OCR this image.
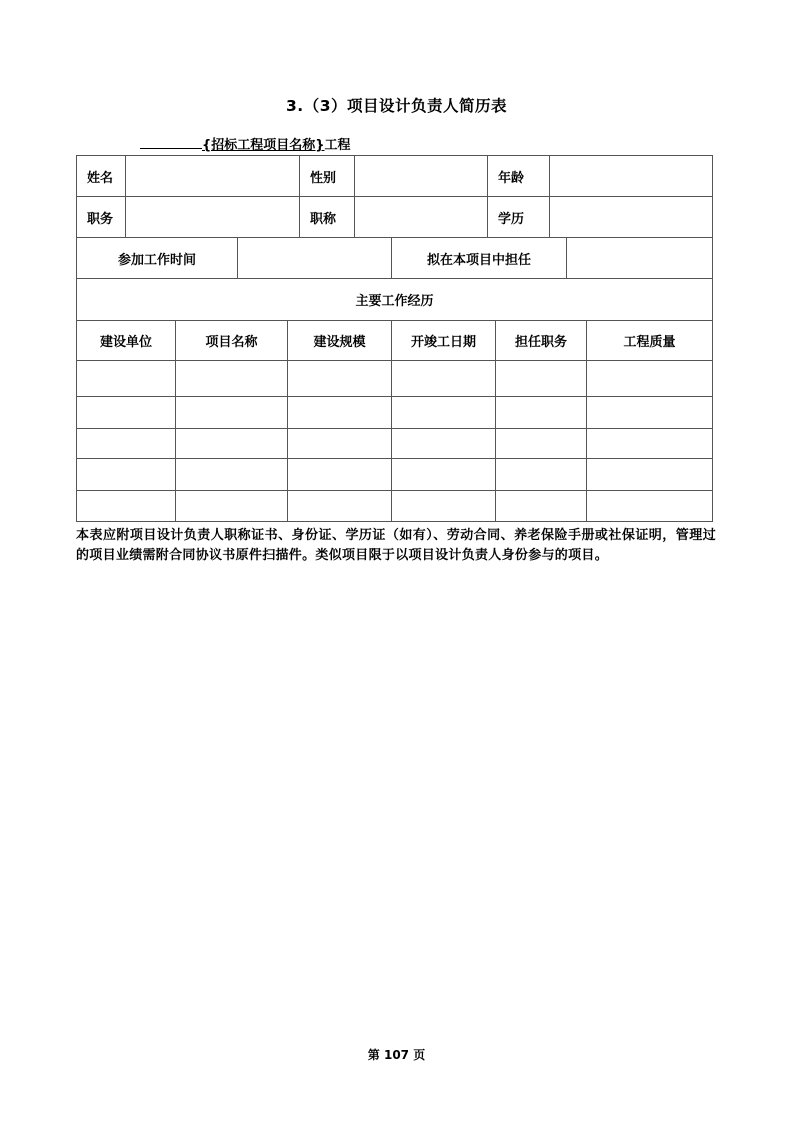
3.（3）项目设计负责人简历表
{招标工程项目名称}工程
姓名		性别		年龄	
职务		职称		学历	
参加工作时间		拟在本项目中担任	
主要工作经历					
建设单位	项目名称	建设规模	开竣工日期	担任职务	工程质量

本表应附项目设计负责人职称证书、身份证、学历证（如有）、劳动合同、养老保险手册或社保证明，管理过的项目业绩需附合同协议书原件扫描件。类似项目限于以项目设计负责人身份参与的项目。
第 107 页
